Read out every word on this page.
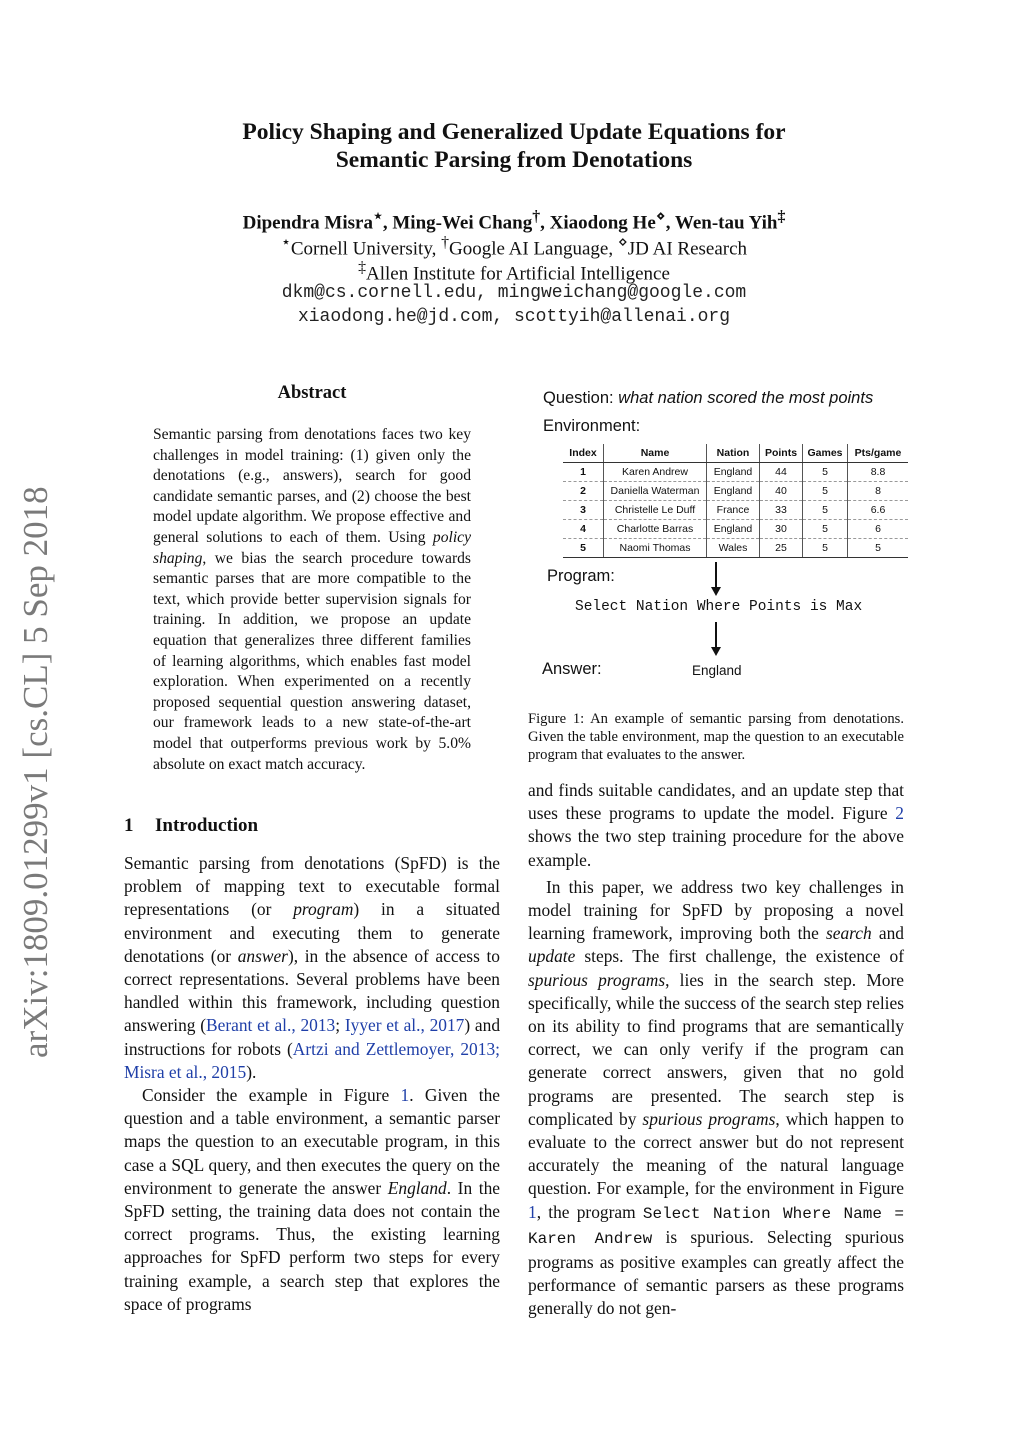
arXiv:1809.01299v1 [cs.CL] 5 Sep 2018
Policy Shaping and Generalized Update Equations for
Semantic Parsing from Denotations
Dipendra Misra⋆, Ming-Wei Chang†, Xiaodong He⋄, Wen-tau Yih‡
⋆Cornell University, †Google AI Language, ⋄JD AI Research
‡Allen Institute for Artificial Intelligence
dkm@cs.cornell.edu, mingweichang@google.com
xiaodong.he@jd.com, scottyih@allenai.org
Abstract
Semantic parsing from denotations faces two key challenges in model training: (1) given only the denotations (e.g., answers), search for good candidate semantic parses, and (2) choose the best model update algorithm. We propose effective and general solutions to each of them. Using policy shaping, we bias the search procedure towards semantic parses that are more compatible to the text, which provide better supervision signals for training. In addition, we propose an update equation that generalizes three different families of learning algorithms, which enables fast model exploration. When experimented on a recently proposed sequential question answering dataset, our framework leads to a new state-of-the-art model that outperforms previous work by 5.0% absolute on exact match accuracy.
1 Introduction

Semantic parsing from denotations (SpFD) is the problem of mapping text to executable formal representations (or program) in a situated environment and executing them to generate denotations (or answer), in the absence of access to correct representations. Several problems have been handled within this framework, including question answering (Berant et al., 2013; Iyyer et al., 2017) and instructions for robots (Artzi and Zettlemoyer, 2013; Misra et al., 2015).

Consider the example in Figure 1. Given the question and a table environment, a semantic parser maps the question to an executable program, in this case a SQL query, and then executes the query on the environment to generate the answer England. In the SpFD setting, the training data does not contain the correct programs. Thus, the existing learning approaches for SpFD perform two steps for every training example, a search step that explores the space of programs

Question: what nation scored the most points
Environment:
Index	Name	Nation	Points	Games	Pts/game
1	Karen Andrew	England	44	5	8.8
2	Daniella Waterman	England	40	5	8
3	Christelle Le Duff	France	33	5	6.6
4	Charlotte Barras	England	30	5	6
5	Naomi Thomas	Wales	25	5	5
Program:
Select Nation Where Points is Max
Answer:	England
Figure 1: An example of semantic parsing from denotations. Given the table environment, map the question to an executable program that evaluates to the answer.

and finds suitable candidates, and an update step that uses these programs to update the model. Figure 2 shows the two step training procedure for the above example.

In this paper, we address two key challenges in model training for SpFD by proposing a novel learning framework, improving both the search and update steps. The first challenge, the existence of spurious programs, lies in the search step. More specifically, while the success of the search step relies on its ability to find programs that are semantically correct, we can only verify if the program can generate correct answers, given that no gold programs are presented. The search step is complicated by spurious programs, which happen to evaluate to the correct answer but do not represent accurately the meaning of the natural language question. For example, for the environment in Figure 1, the program Select Nation Where Name = Karen Andrew is spurious. Selecting spurious programs as positive examples can greatly affect the performance of semantic parsers as these programs generally do not gen-
